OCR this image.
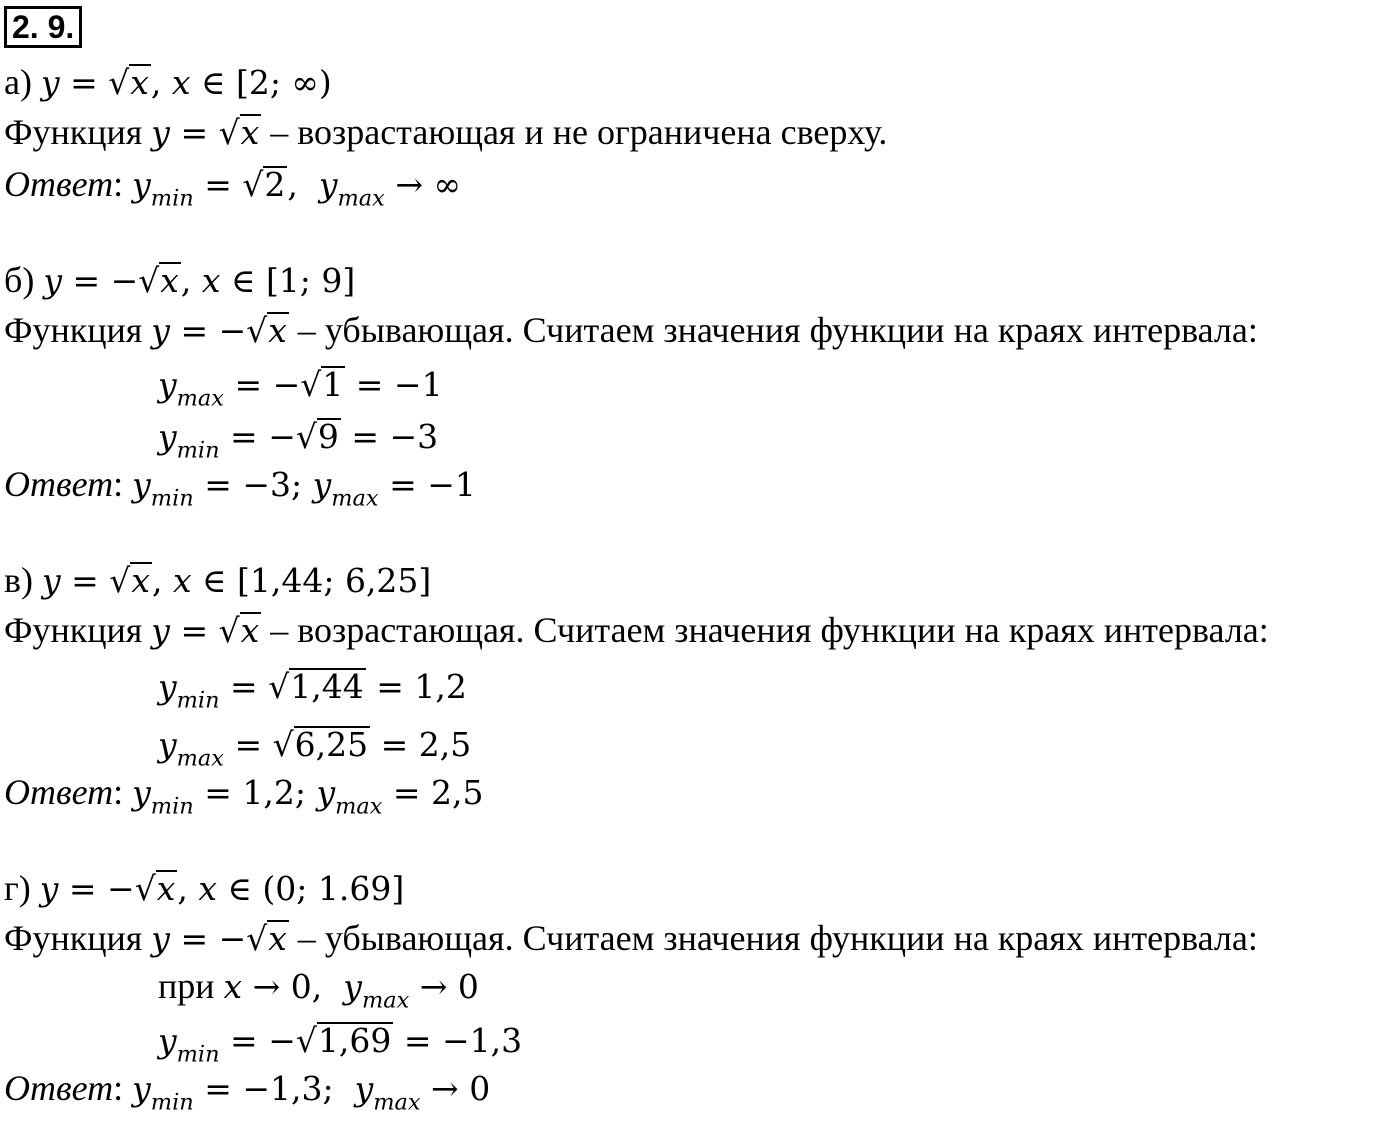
2. 9.
а) y = √x, x ∈ [2; ∞)
Функция y = √x – возрастающая и не ограничена сверху.
Ответ: $y_{min} = √2$,  $y_{max}$ → ∞
б) y = −√x, x ∈ [1; 9]
Функция y = −√x – убывающая. Считаем значения функции на краях интервала:
$y_{max} = -√1 = -1$
$y_{min} = -√9 = -3$
Ответ: $y_{min} = -3$; $y_{max} = -1$
в) y = √x, x ∈ [1,44; 6,25]
Функция y = √x – возрастающая. Считаем значения функции на краях интервала:
$y_{min} = √1,44 = 1,2$
$y_{max} = √6,25 = 2,5$
Ответ: $y_{min} = 1,2$; $y_{max} = 2,5$
г) y = −√x, x ∈ (0; 1.69]
Функция y = −√x – убывающая. Считаем значения функции на краях интервала:
при x → 0,  $y_{max} \to 0$
$y_{min} = -√1,69 = -1,3$
Ответ: $y_{min} = -1,3$;  $y_{max} \to 0$
